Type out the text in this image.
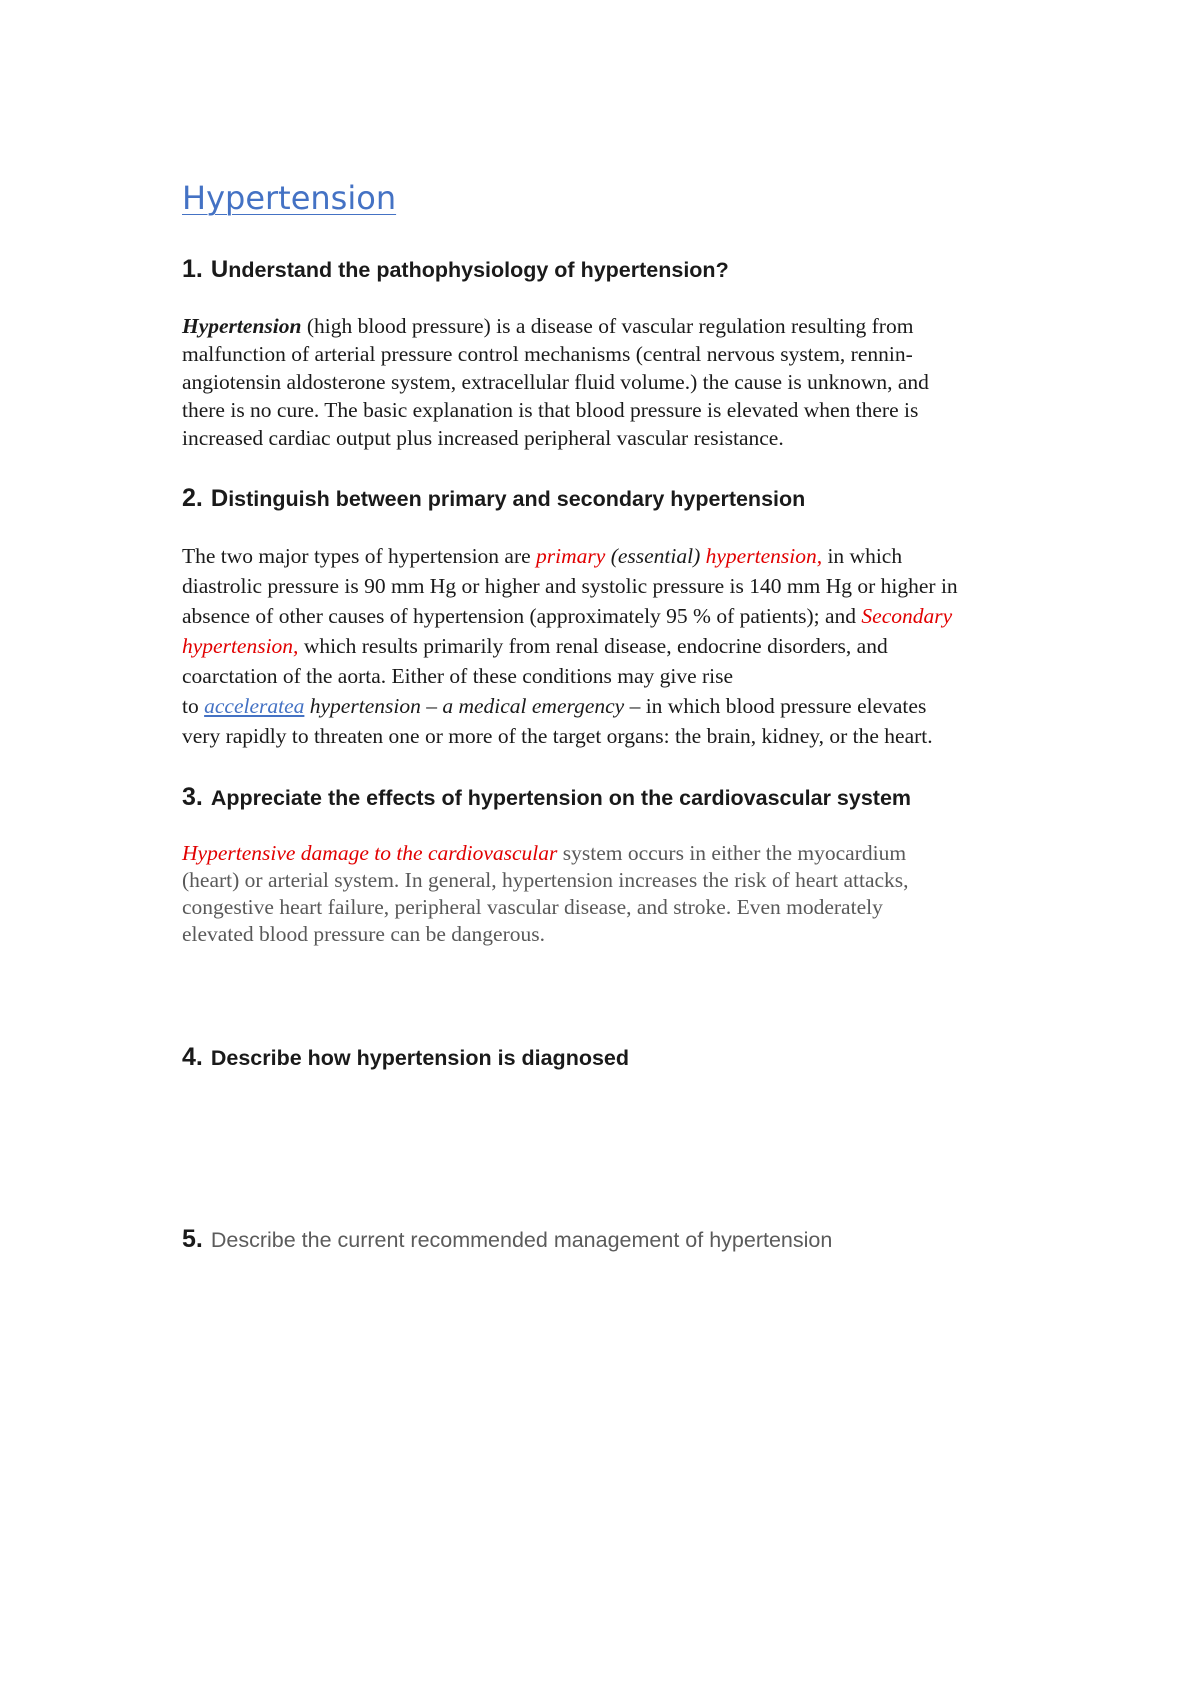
Hypertension
1. Understand the pathophysiology of hypertension?
Hypertension (high blood pressure) is a disease of vascular regulation resulting from
malfunction of arterial pressure control mechanisms (central nervous system, rennin-
angiotensin aldosterone system, extracellular fluid volume.) the cause is unknown, and
there is no cure. The basic explanation is that blood pressure is elevated when there is
increased cardiac output plus increased peripheral vascular resistance.
2. Distinguish between primary and secondary hypertension
The two major types of hypertension are primary (essential) hypertension, in which
diastrolic pressure is 90 mm Hg or higher and systolic pressure is 140 mm Hg or higher in
absence of other causes of hypertension (approximately 95 % of patients); and Secondary
hypertension, which results primarily from renal disease, endocrine disorders, and
coarctation of the aorta. Either of these conditions may give rise
to acceleratea hypertension – a medical emergency – in which blood pressure elevates
very rapidly to threaten one or more of the target organs: the brain, kidney, or the heart.
3. Appreciate the effects of hypertension on the cardiovascular system
Hypertensive damage to the cardiovascular system occurs in either the myocardium
(heart) or arterial system. In general, hypertension increases the risk of heart attacks,
congestive heart failure, peripheral vascular disease, and stroke. Even moderately
elevated blood pressure can be dangerous.
4. Describe how hypertension is diagnosed
5. Describe the current recommended management of hypertension
